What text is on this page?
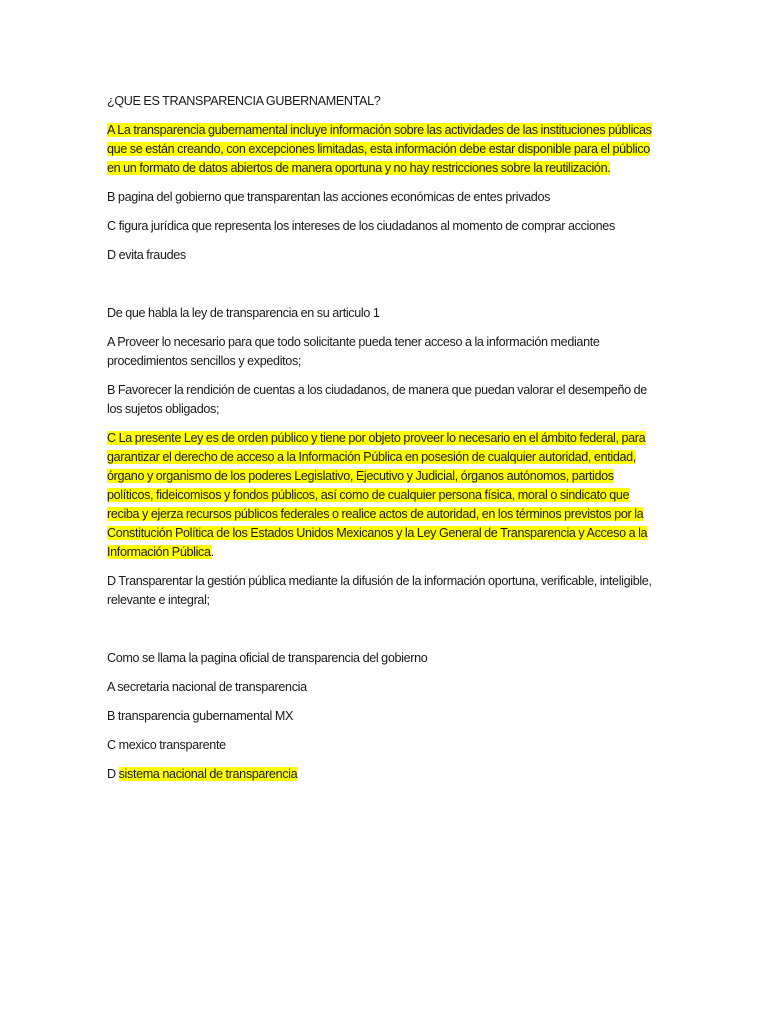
¿QUE ES TRANSPARENCIA GUBERNAMENTAL?

A La transparencia gubernamental incluye información sobre las actividades de las instituciones públicas que se están creando, con excepciones limitadas, esta información debe estar disponible para el público en un formato de datos abiertos de manera oportuna y no hay restricciones sobre la reutilización.

B pagina del gobierno que transparentan las acciones económicas de entes privados

C figura jurídica que representa los intereses de los ciudadanos al momento de comprar acciones

D evita fraudes

De que habla la ley de transparencia en su articulo 1

A Proveer lo necesario para que todo solicitante pueda tener acceso a la información mediante procedimientos sencillos y expeditos;

B Favorecer la rendición de cuentas a los ciudadanos, de manera que puedan valorar el desempeño de los sujetos obligados;

C La presente Ley es de orden público y tiene por objeto proveer lo necesario en el ámbito federal, para garantizar el derecho de acceso a la Información Pública en posesión de cualquier autoridad, entidad, órgano y organismo de los poderes Legislativo, Ejecutivo y Judicial, órganos autónomos, partidos políticos, fideicomisos y fondos públicos, así como de cualquier persona física, moral o sindicato que reciba y ejerza recursos públicos federales o realice actos de autoridad, en los términos previstos por la Constitución Política de los Estados Unidos Mexicanos y la Ley General de Transparencia y Acceso a la Información Pública.

D Transparentar la gestión pública mediante la difusión de la información oportuna, verificable, inteligible, relevante e integral;

Como se llama la pagina oficial de transparencia del gobierno

A secretaria nacional de transparencia

B transparencia gubernamental MX

C mexico transparente

D sistema nacional de transparencia
